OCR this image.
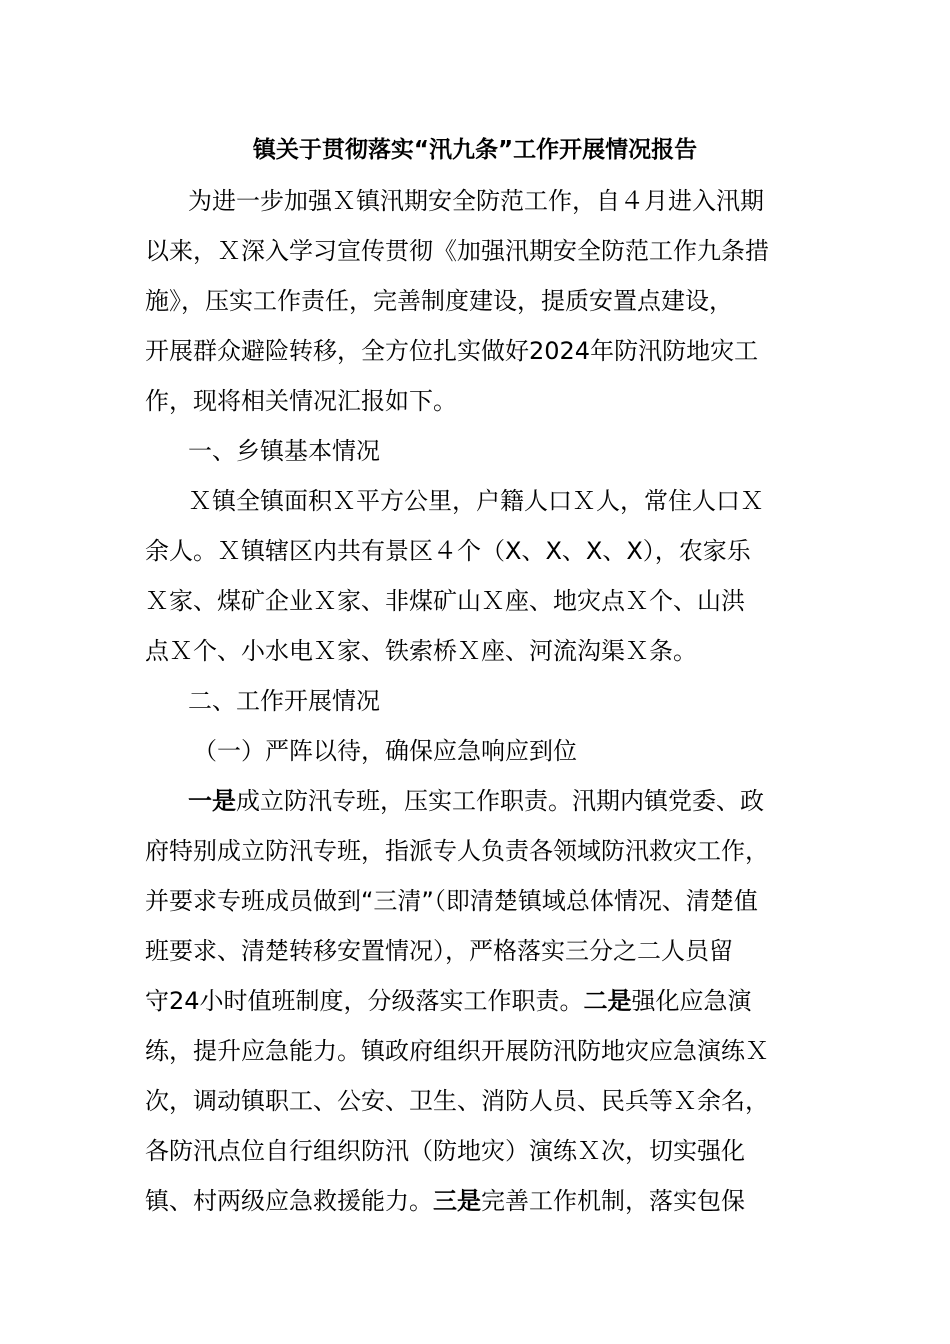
镇关于贯彻落实“汛九条”工作开展情况报告
为进一步加强Ｘ镇汛期安全防范工作，自４月进入汛期
以来，Ｘ深入学习宣传贯彻《加强汛期安全防范工作九条措
施》，压实工作责任，完善制度建设，提质安置点建设，
开展群众避险转移，全方位扎实做好2024年防汛防地灾工
作，现将相关情况汇报如下。
一、乡镇基本情况
Ｘ镇全镇面积Ｘ平方公里，户籍人口Ｘ人，常住人口Ｘ
余人。Ｘ镇辖区内共有景区４个（X、X、X、X），农家乐
Ｘ家、煤矿企业Ｘ家、非煤矿山Ｘ座、地灾点Ｘ个、山洪
点Ｘ个、小水电Ｘ家、铁索桥Ｘ座、河流沟渠Ｘ条。
二、工作开展情况
（一）严阵以待，确保应急响应到位
一是成立防汛专班，压实工作职责。汛期内镇党委、政
府特别成立防汛专班，指派专人负责各领域防汛救灾工作，
并要求专班成员做到“三清”（即清楚镇域总体情况、清楚值
班要求、清楚转移安置情况），严格落实三分之二人员留
守24小时值班制度，分级落实工作职责。二是强化应急演
练，提升应急能力。镇政府组织开展防汛防地灾应急演练Ｘ
次，调动镇职工、公安、卫生、消防人员、民兵等Ｘ余名，
各防汛点位自行组织防汛（防地灾）演练Ｘ次，切实强化
镇、村两级应急救援能力。三是完善工作机制，落实包保
